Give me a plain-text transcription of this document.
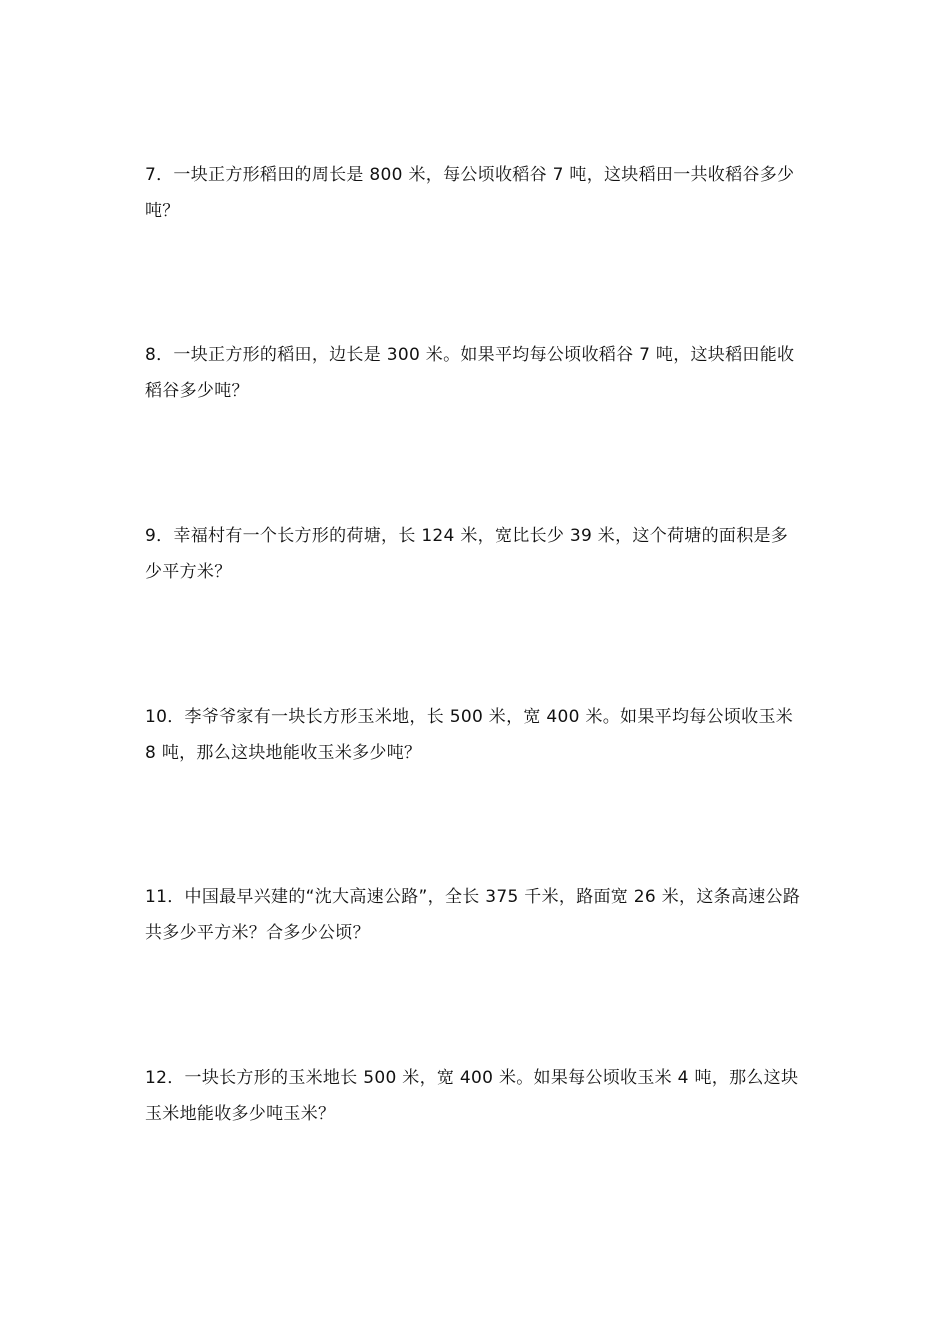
7．一块正方形稻田的周长是 800 米，每公顷收稻谷 7 吨，这块稻田一共收稻谷多少吨？
8．一块正方形的稻田，边长是 300 米。如果平均每公顷收稻谷 7 吨，这块稻田能收稻谷多少吨？
9．幸福村有一个长方形的荷塘，长 124 米，宽比长少 39 米，这个荷塘的面积是多少平方米？
10．李爷爷家有一块长方形玉米地，长 500 米，宽 400 米。如果平均每公顷收玉米 8 吨，那么这块地能收玉米多少吨？
11．中国最早兴建的“沈大高速公路”，全长 375 千米，路面宽 26 米，这条高速公路共多少平方米？合多少公顷？
12．一块长方形的玉米地长 500 米，宽 400 米。如果每公顷收玉米 4 吨，那么这块玉米地能收多少吨玉米？
